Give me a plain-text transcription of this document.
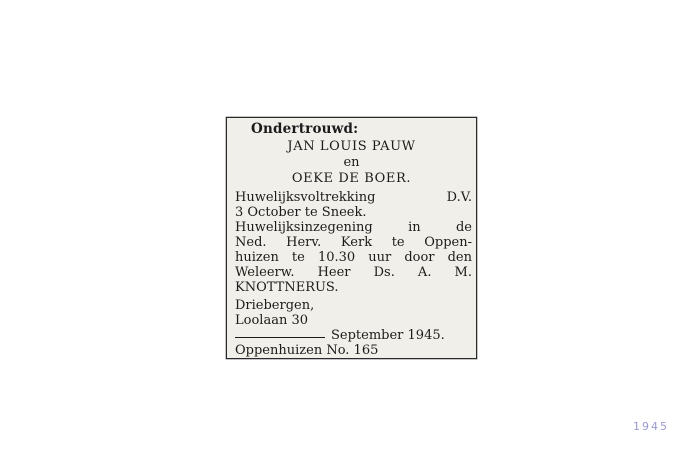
Ondertrouwd:
JAN LOUIS PAUW
en
OEKE DE BOER.
Huwelijksvoltrekking D.V.
3 October te Sneek.
Huwelijksinzegening in de
Ned. Herv. Kerk te Oppen-
huizen te 10.30 uur door den
Weleerw. Heer Ds. A. M.
KNOTTNERUS.
Driebergen,
Loolaan 30
September 1945.
Oppenhuizen No. 165
1945
